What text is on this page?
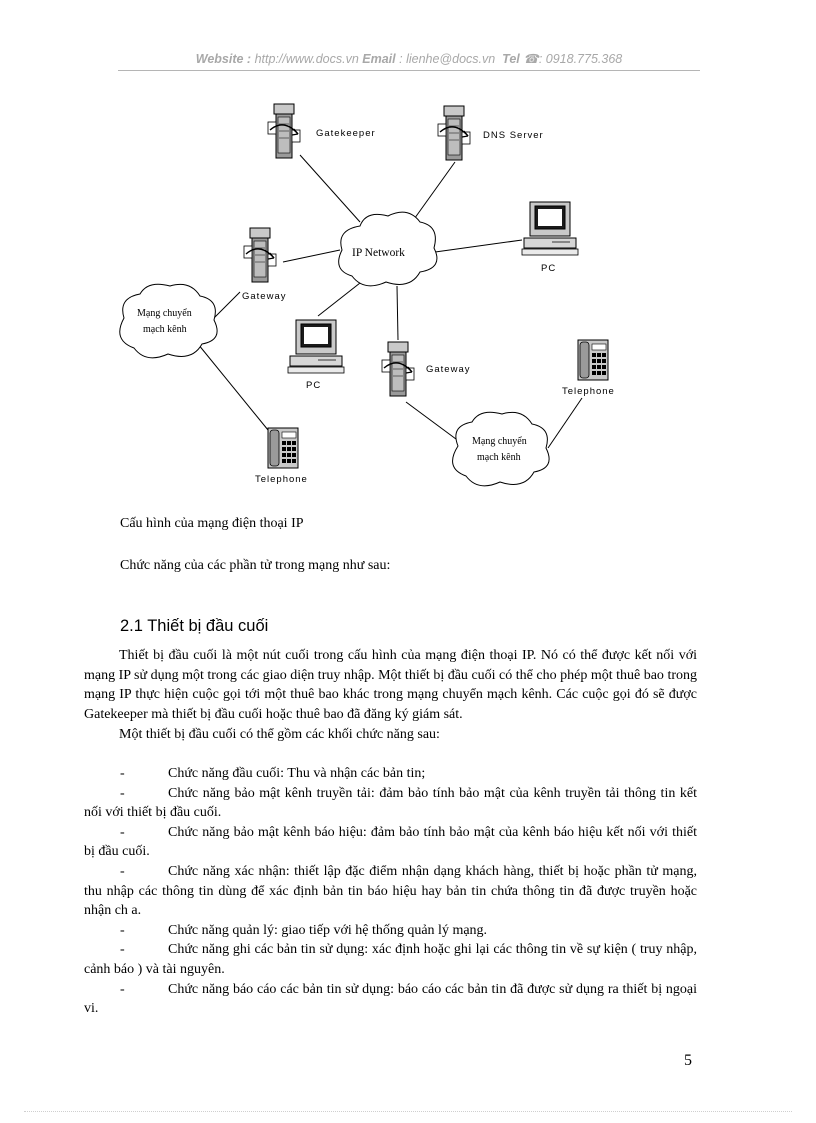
Website : http://www.docs.vn Email : lienhe@docs.vn Tel ☎: 0918.775.368
IP Network
Mạng chuyển
mạch kênh
Mạng chuyển
mạch kênh
Gatekeeper	DNS Server
PC
Gateway
PC
Gateway
Telephone
Telephone
Cấu hình của mạng điện thoại IP
Chức năng của các phần tử trong mạng như sau:
2.1 Thiết bị đầu cuối

Thiết bị đầu cuối là một nút cuối trong cấu hình của mạng điện thoại IP. Nó có thể được kết nối với mạng IP sử dụng một trong các giao diện truy nhập. Một thiết bị đầu cuối có thể cho phép một thuê bao trong mạng IP thực hiện cuộc gọi tới một thuê bao khác trong mạng chuyển mạch kênh. Các cuộc gọi đó sẽ được Gatekeeper mà thiết bị đầu cuối hoặc thuê bao đã đăng ký giám sát.

Một thiết bị đầu cuối có thể gồm các khối chức năng sau:

-	Chức năng đầu cuối: Thu và nhận các bản tin;
-	Chức năng bảo mật kênh truyền tải: đảm bảo tính bảo mật của kênh truyền tải thông tin kết nối với thiết bị đầu cuối.
-	Chức năng bảo mật kênh báo hiệu: đảm bảo tính bảo mật của kênh báo hiệu kết nối với thiết bị đầu cuối.
-	Chức năng xác nhận: thiết lập đặc điểm nhận dạng khách hàng, thiết bị hoặc phần tử mạng, thu nhập các thông tin dùng để xác định bản tin báo hiệu hay bản tin chứa thông tin đã được truyền hoặc nhận ch a.
-	Chức năng quản lý: giao tiếp với hệ thống quản lý mạng.
-	Chức năng ghi các bản tin sử dụng: xác định hoặc ghi lại các thông tin về sự kiện ( truy nhập, cảnh báo ) và tài nguyên.
-	Chức năng báo cáo các bản tin sử dụng: báo cáo các bản tin đã được sử dụng ra thiết bị ngoại vi.
5
